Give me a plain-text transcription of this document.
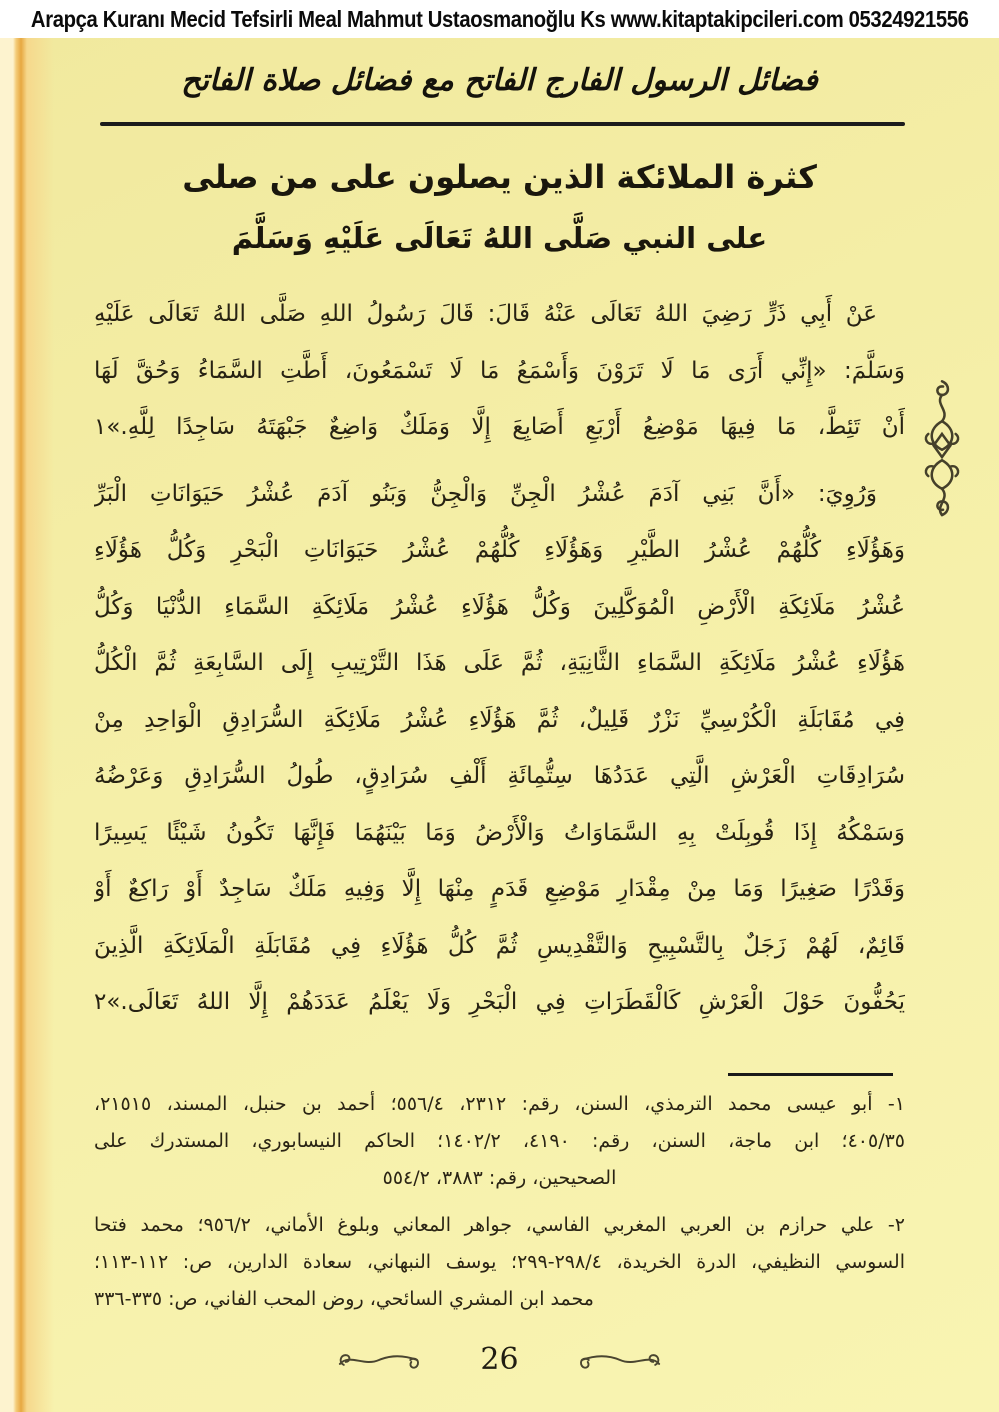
Arapça Kuranı Mecid Tefsirli Meal Mahmut Ustaosmanoğlu Ks www.kitaptakipcileri.com 05324921556
فضائل الرسول الفارج الفاتح مع فضائل صلاة الفاتح
كثرة الملائكة الذين يصلون على من صلى
على النبي صَلَّى اللهُ تَعَالَى عَلَيْهِ وَسَلَّمَ
عَنْ أَبِي ذَرٍّ رَضِيَ اللهُ تَعَالَى عَنْهُ قَالَ: قَالَ رَسُولُ اللهِ صَلَّى اللهُ تَعَالَى عَلَيْهِ
وَسَلَّمَ: «إِنِّي أَرَى مَا لَا تَرَوْنَ وَأَسْمَعُ مَا لَا تَسْمَعُونَ، أَطَّتِ السَّمَاءُ وَحُقَّ لَهَا
أَنْ تَئِطَّ، مَا فِيهَا مَوْضِعُ أَرْبَعِ أَصَابِعَ إِلَّا وَمَلَكٌ وَاضِعٌ جَبْهَتَهُ سَاجِدًا لِلَّهِ.»١
وَرُوِيَ: «أَنَّ بَنِي آدَمَ عُشْرُ الْجِنِّ وَالْجِنُّ وَبَنُو آدَمَ عُشْرُ حَيَوَانَاتِ الْبَرِّ
وَهَؤُلَاءِ كُلُّهُمْ عُشْرُ الطَّيْرِ وَهَؤُلَاءِ كُلُّهُمْ عُشْرُ حَيَوَانَاتِ الْبَحْرِ وَكُلُّ هَؤُلَاءِ
عُشْرُ مَلَائِكَةِ الْأَرْضِ الْمُوَكَّلِينَ وَكُلُّ هَؤُلَاءِ عُشْرُ مَلَائِكَةِ السَّمَاءِ الدُّنْيَا وَكُلُّ
هَؤُلَاءِ عُشْرُ مَلَائِكَةِ السَّمَاءِ الثَّانِيَةِ، ثُمَّ عَلَى هَذَا التَّرْتِيبِ إِلَى السَّابِعَةِ ثُمَّ الْكُلُّ
فِي مُقَابَلَةِ الْكُرْسِيِّ نَزْرٌ قَلِيلٌ، ثُمَّ هَؤُلَاءِ عُشْرُ مَلَائِكَةِ السُّرَادِقِ الْوَاحِدِ مِنْ
سُرَادِقَاتِ الْعَرْشِ الَّتِي عَدَدُهَا سِتُّمِائَةِ أَلْفِ سُرَادِقٍ، طُولُ السُّرَادِقِ وَعَرْضُهُ
وَسَمْكُهُ إِذَا قُوبِلَتْ بِهِ السَّمَاوَاتُ وَالْأَرْضُ وَمَا بَيْنَهُمَا فَإِنَّهَا تَكُونُ شَيْئًا يَسِيرًا
وَقَدْرًا صَغِيرًا وَمَا مِنْ مِقْدَارِ مَوْضِعِ قَدَمٍ مِنْهَا إِلَّا وَفِيهِ مَلَكٌ سَاجِدٌ أَوْ رَاكِعٌ أَوْ
قَائِمٌ، لَهُمْ زَجَلٌ بِالتَّسْبِيحِ وَالتَّقْدِيسِ ثُمَّ كُلُّ هَؤُلَاءِ فِي مُقَابَلَةِ الْمَلَائِكَةِ الَّذِينَ
يَحُفُّونَ حَوْلَ الْعَرْشِ كَالْقَطَرَاتِ فِي الْبَحْرِ وَلَا يَعْلَمُ عَدَدَهُمْ إِلَّا اللهُ تَعَالَى.»٢
١- أبو عيسى محمد الترمذي، السنن، رقم: ٢٣١٢، ٥٥٦/٤؛ أحمد بن حنبل، المسند، ٢١٥١٥،
٤٠٥/٣٥؛ ابن ماجة، السنن، رقم: ٤١٩٠، ١٤٠٢/٢؛ الحاكم النيسابوري، المستدرك على
الصحيحين، رقم: ٣٨٨٣، ٥٥٤/٢
٢- علي حرازم بن العربي المغربي الفاسي، جواهر المعاني وبلوغ الأماني، ٩٥٦/٢؛ محمد فتحا
السوسي النظيفي، الدرة الخريدة، ٢٩٨/٤-٢٩٩؛ يوسف النبهاني، سعادة الدارين، ص: ١١٢-١١٣؛
محمد ابن المشري السائحي، روض المحب الفاني، ص: ٣٣٥-٣٣٦
26
